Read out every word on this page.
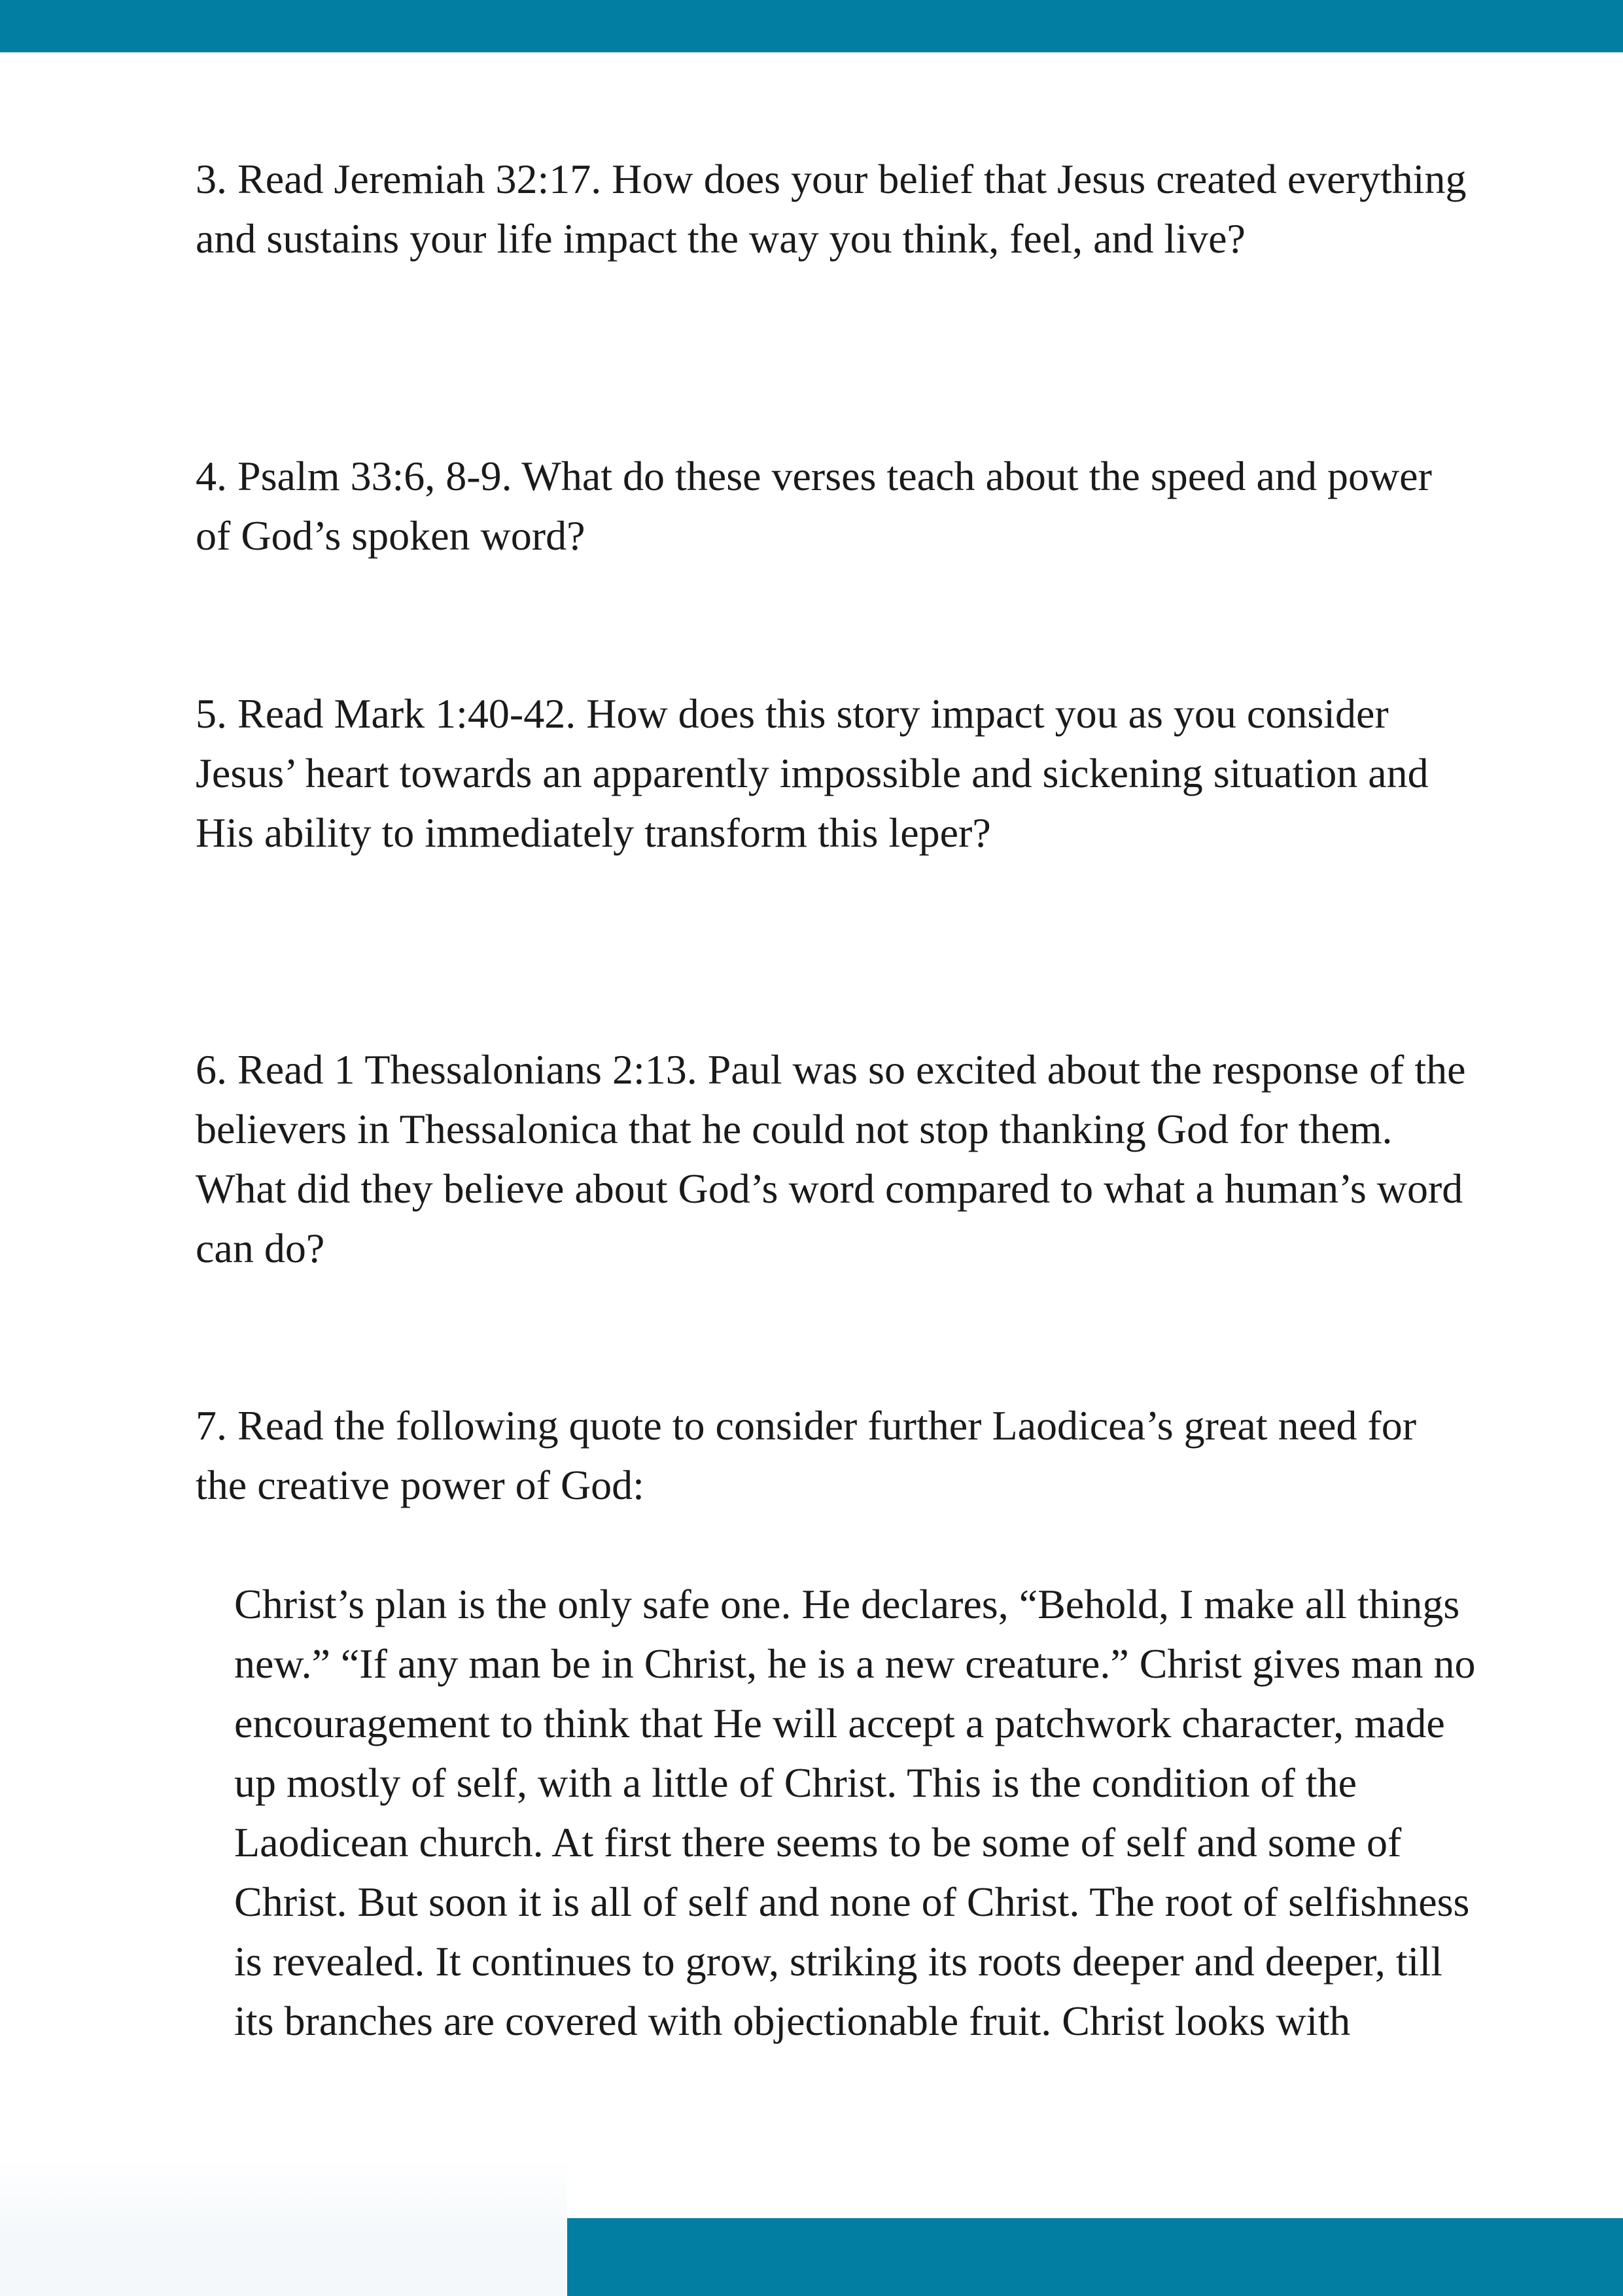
3. Read Jeremiah 32:17. How does your belief that Jesus created everything and sustains your life impact the way you think, feel, and live?

4. Psalm 33:6, 8-9. What do these verses teach about the speed and power of God’s spoken word?

5. Read Mark 1:40-42. How does this story impact you as you consider Jesus’ heart towards an apparently impossible and sickening situation and His ability to immediately transform this leper?

6. Read 1 Thessalonians 2:13. Paul was so excited about the response of the believers in Thessalonica that he could not stop thanking God for them. What did they believe about God’s word compared to what a human’s word can do?

7. Read the following quote to consider further Laodicea’s great need for the creative power of God:

Christ’s plan is the only safe one. He declares, “Behold, I make all things new.” “If any man be in Christ, he is a new creature.” Christ gives man no encouragement to think that He will accept a patchwork character, made up mostly of self, with a little of Christ. This is the condition of the Laodicean church. At first there seems to be some of self and some of Christ. But soon it is all of self and none of Christ. The root of selfishness is revealed. It continues to grow, striking its roots deeper and deeper, till its branches are covered with objectionable fruit. Christ looks with
